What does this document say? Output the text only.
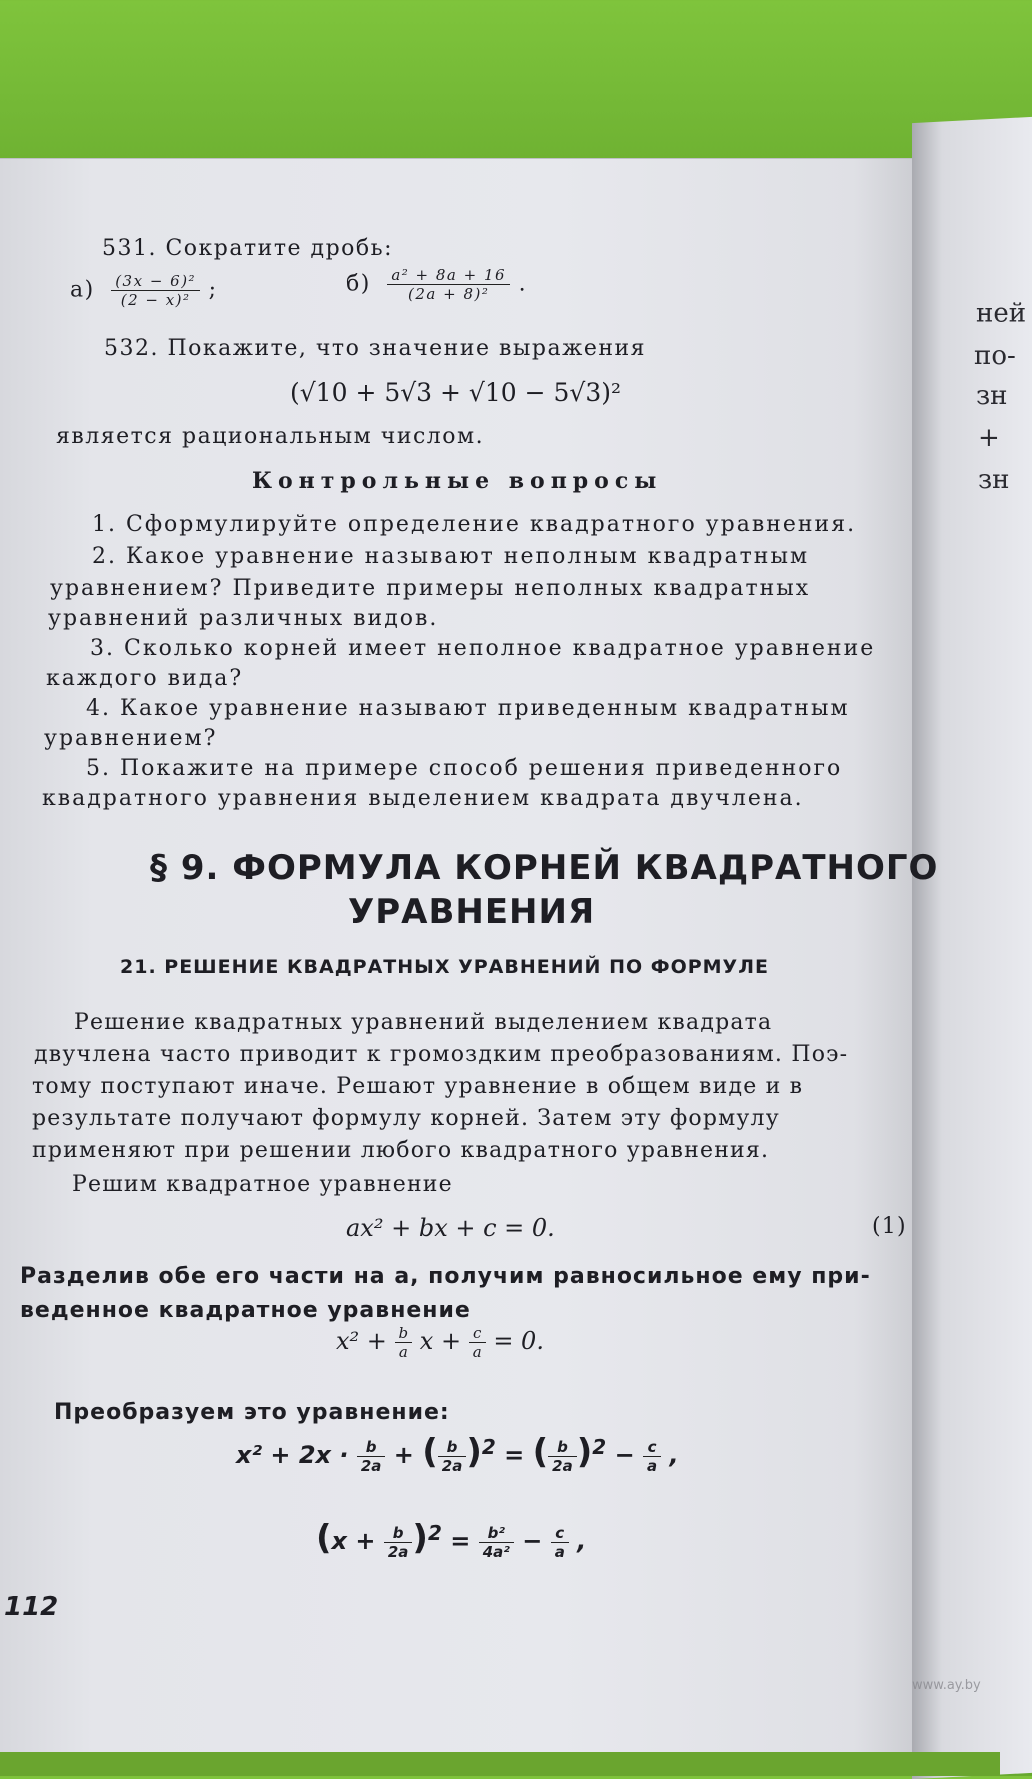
ней
по-
зн
+
зн
531. Сократите дробь:
$а) \frac{\text{(3x − 6)²}}{\text{(2 − x)²}}$ ;	$б) \frac{\text{a² + 8a + 16}}{\text{(2a + 8)²}}$ .
532. Покажите, что значение выражения
(√10 + 5√3 + √10 − 5√3)²
является рациональным числом.
Контрольные вопросы
1. Сформулируйте определение квадратного уравнения.
2. Какое уравнение называют неполным квадратным
уравнением? Приведите примеры неполных квадратных
уравнений различных видов.
3. Сколько корней имеет неполное квадратное уравнение
каждого вида?
4. Какое уравнение называют приведенным квадратным
уравнением?
5. Покажите на примере способ решения приведенного
квадратного уравнения выделением квадрата двучлена.
§ 9. ФОРМУЛА КОРНЕЙ КВАДРАТНОГО
УРАВНЕНИЯ
21. РЕШЕНИЕ КВАДРАТНЫХ УРАВНЕНИЙ ПО ФОРМУЛЕ
Решение квадратных уравнений выделением квадрата
двучлена часто приводит к громоздким преобразованиям. Поэ-
тому поступают иначе. Решают уравнение в общем виде и в
результате получают формулу корней. Затем эту формулу
применяют при решении любого квадратного уравнения.
Решим квадратное уравнение
ax² + bx + c = 0.	(1)
Разделив обе его части на a, получим равносильное ему при-
веденное квадратное уравнение
$x^2 + \frac{b}{a}$ $x + \frac{c}{a} = 0$.
Преобразуем это уравнение:
$x^2 + 2x \cdot \frac{b}{2a}$ + ( $\frac{b}{2a} )^2$ = ( $\frac{b}{2a} )^2 - \frac{c}{a}$ ,
$(x + \frac{b}{2a} )^2 = \frac{\text{b²}}{\text{4a²}} - \frac{c}{a}$ ,
112
www.ay.by
